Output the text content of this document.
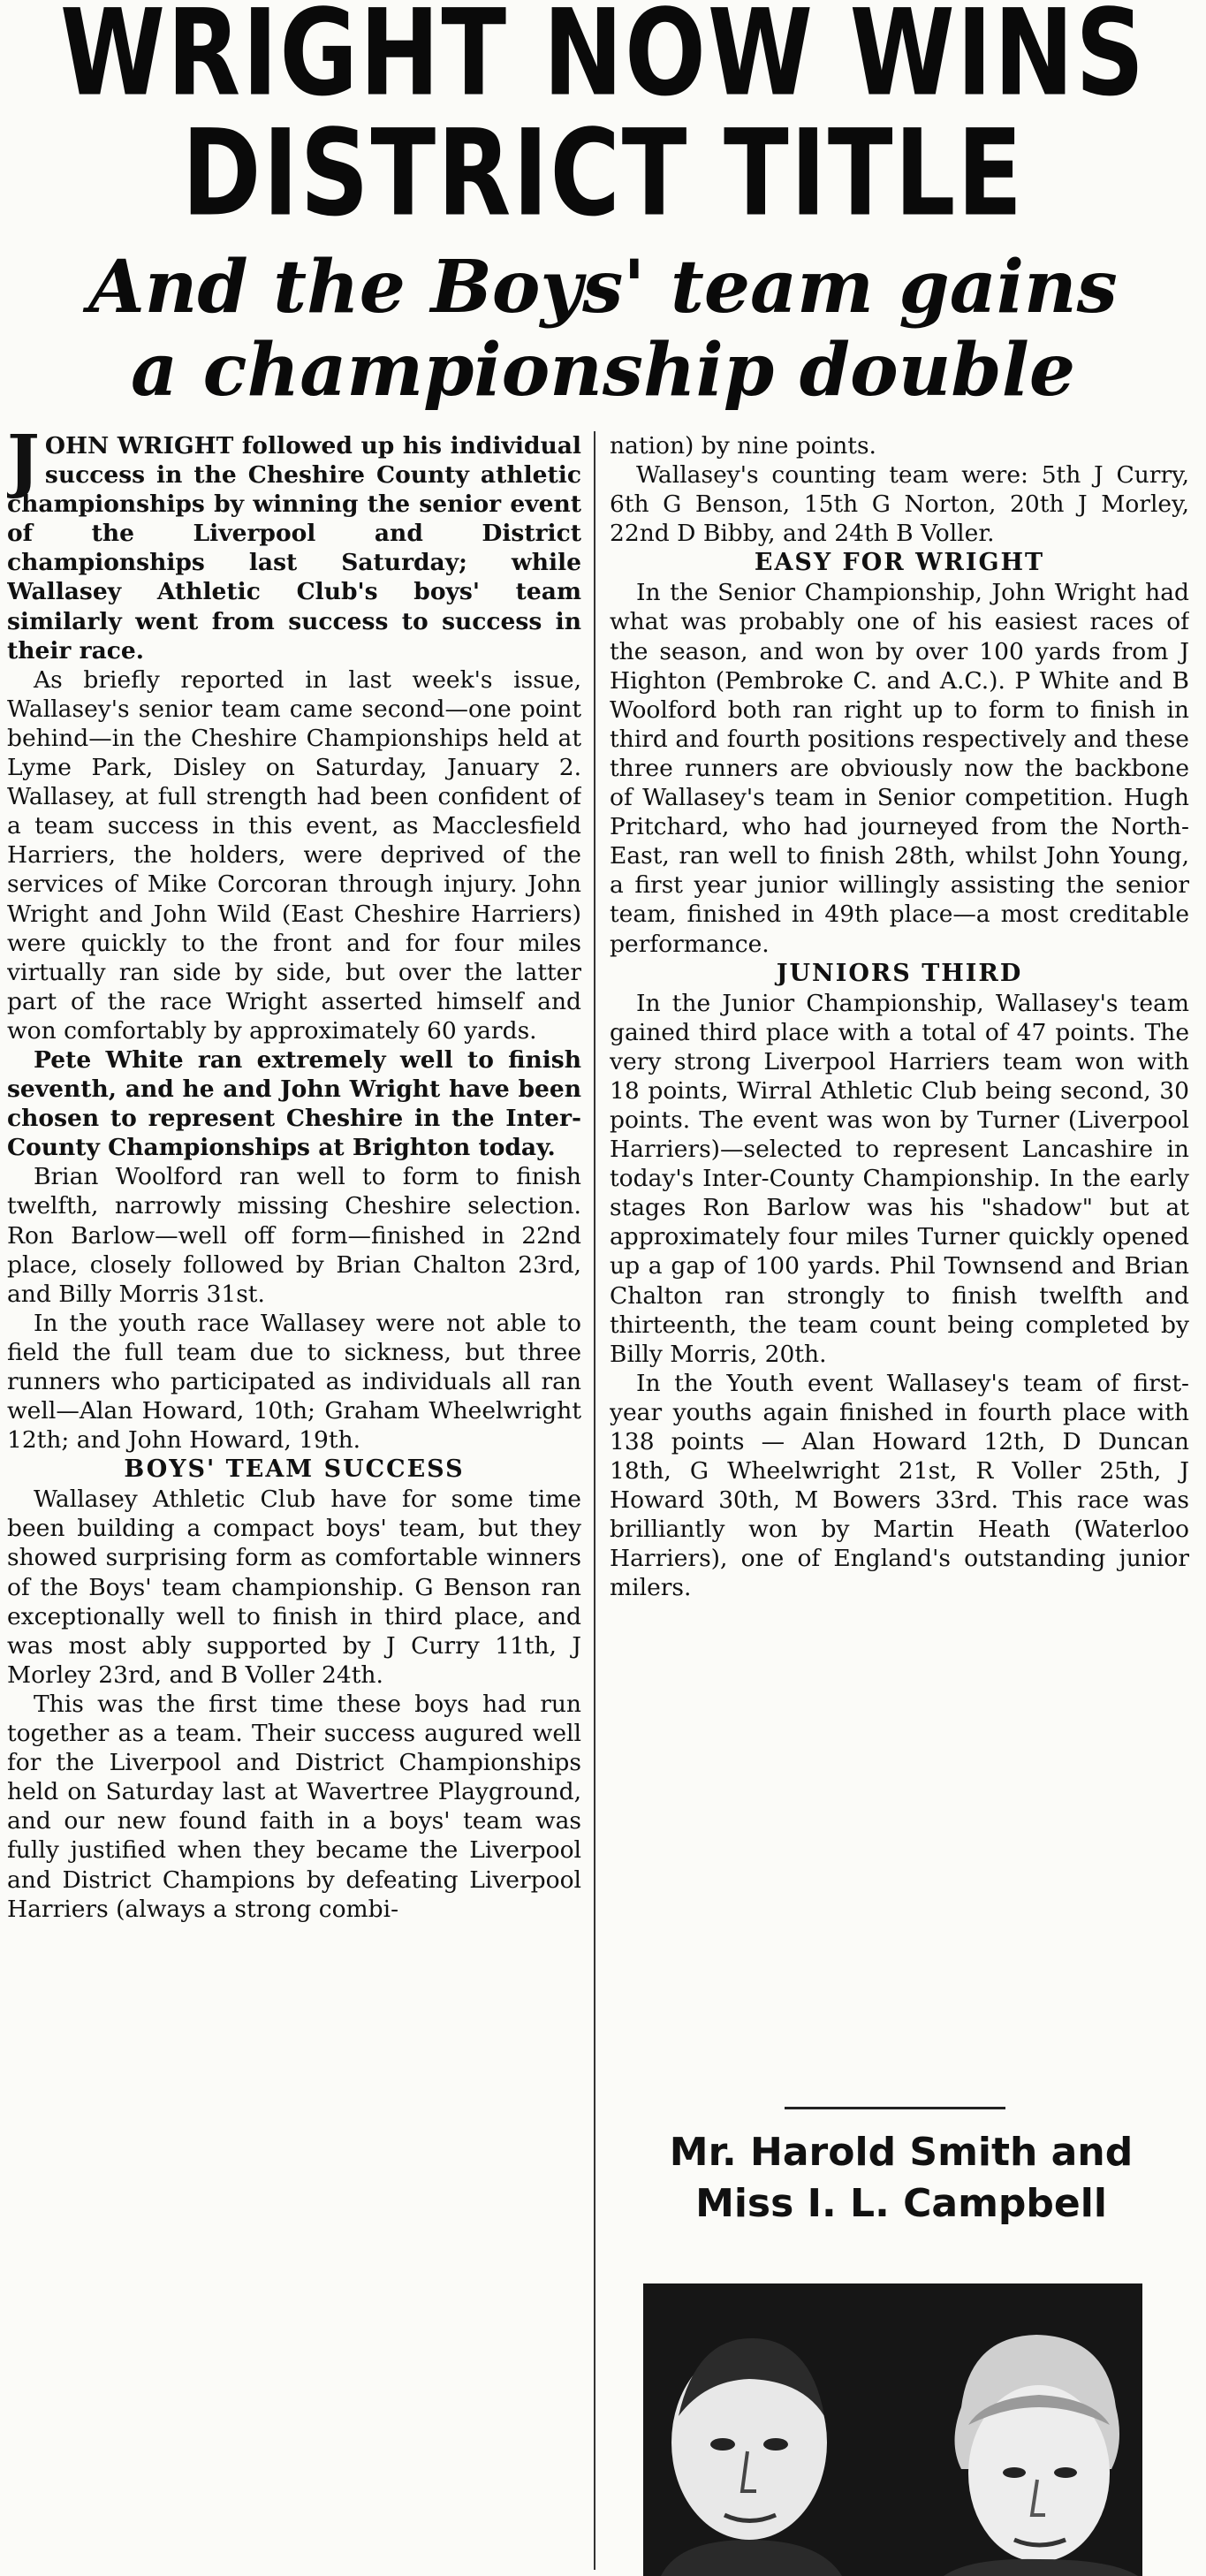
WRIGHT NOW WINS
DISTRICT TITLE
And the Boys' team gains
a championship double

JOHN WRIGHT followed up his individual success in the Cheshire County athletic championships by winning the senior event of the Liverpool and District championships last Saturday; while Wallasey Athletic Club's boys' team similarly went from success to success in their race.

As briefly reported in last week's issue, Wallasey's senior team came second—one point behind—in the Cheshire Championships held at Lyme Park, Disley on Saturday, January 2. Wallasey, at full strength had been confident of a team success in this event, as Macclesfield Harriers, the holders, were deprived of the services of Mike Corcoran through injury. John Wright and John Wild (East Cheshire Harriers) were quickly to the front and for four miles virtually ran side by side, but over the latter part of the race Wright asserted himself and won comfortably by approximately 60 yards.

Pete White ran extremely well to finish seventh, and he and John Wright have been chosen to represent Cheshire in the Inter-County Championships at Brighton today.

Brian Woolford ran well to form to finish twelfth, narrowly missing Cheshire selection. Ron Barlow—well off form—finished in 22nd place, closely followed by Brian Chalton 23rd, and Billy Morris 31st.

In the youth race Wallasey were not able to field the full team due to sickness, but three runners who participated as individuals all ran well—Alan Howard, 10th; Graham Wheelwright 12th; and John Howard, 19th.

BOYS' TEAM SUCCESS

Wallasey Athletic Club have for some time been building a compact boys' team, but they showed surprising form as comfortable winners of the Boys' team championship. G Benson ran exceptionally well to finish in third place, and was most ably supported by J Curry 11th, J Morley 23rd, and B Voller 24th.

This was the first time these boys had run together as a team. Their success augured well for the Liverpool and District Championships held on Saturday last at Wavertree Playground, and our new found faith in a boys' team was fully justified when they became the Liverpool and District Champions by defeating Liverpool Harriers (always a strong combi-

nation) by nine points.

Wallasey's counting team were: 5th J Curry, 6th G Benson, 15th G Norton, 20th J Morley, 22nd D Bibby, and 24th B Voller.

EASY FOR WRIGHT

In the Senior Championship, John Wright had what was probably one of his easiest races of the season, and won by over 100 yards from J Highton (Pembroke C. and A.C.). P White and B Woolford both ran right up to form to finish in third and fourth positions respectively and these three runners are obviously now the backbone of Wallasey's team in Senior competition. Hugh Pritchard, who had journeyed from the North-East, ran well to finish 28th, whilst John Young, a first year junior willingly assisting the senior team, finished in 49th place—a most creditable performance.

JUNIORS THIRD

In the Junior Championship, Wallasey's team gained third place with a total of 47 points. The very strong Liverpool Harriers team won with 18 points, Wirral Athletic Club being second, 30 points. The event was won by Turner (Liverpool Harriers)—selected to represent Lancashire in today's Inter-County Championship. In the early stages Ron Barlow was his "shadow" but at approximately four miles Turner quickly opened up a gap of 100 yards. Phil Townsend and Brian Chalton ran strongly to finish twelfth and thirteenth, the team count being completed by Billy Morris, 20th.

In the Youth event Wallasey's team of first-year youths again finished in fourth place with 138 points — Alan Howard 12th, D Duncan 18th, G Wheelwright 21st, R Voller 25th, J Howard 30th, M Bowers 33rd. This race was brilliantly won by Martin Heath (Waterloo Harriers), one of England's outstanding junior milers.

Mr. Harold Smith and

Miss I. L. Campbell
